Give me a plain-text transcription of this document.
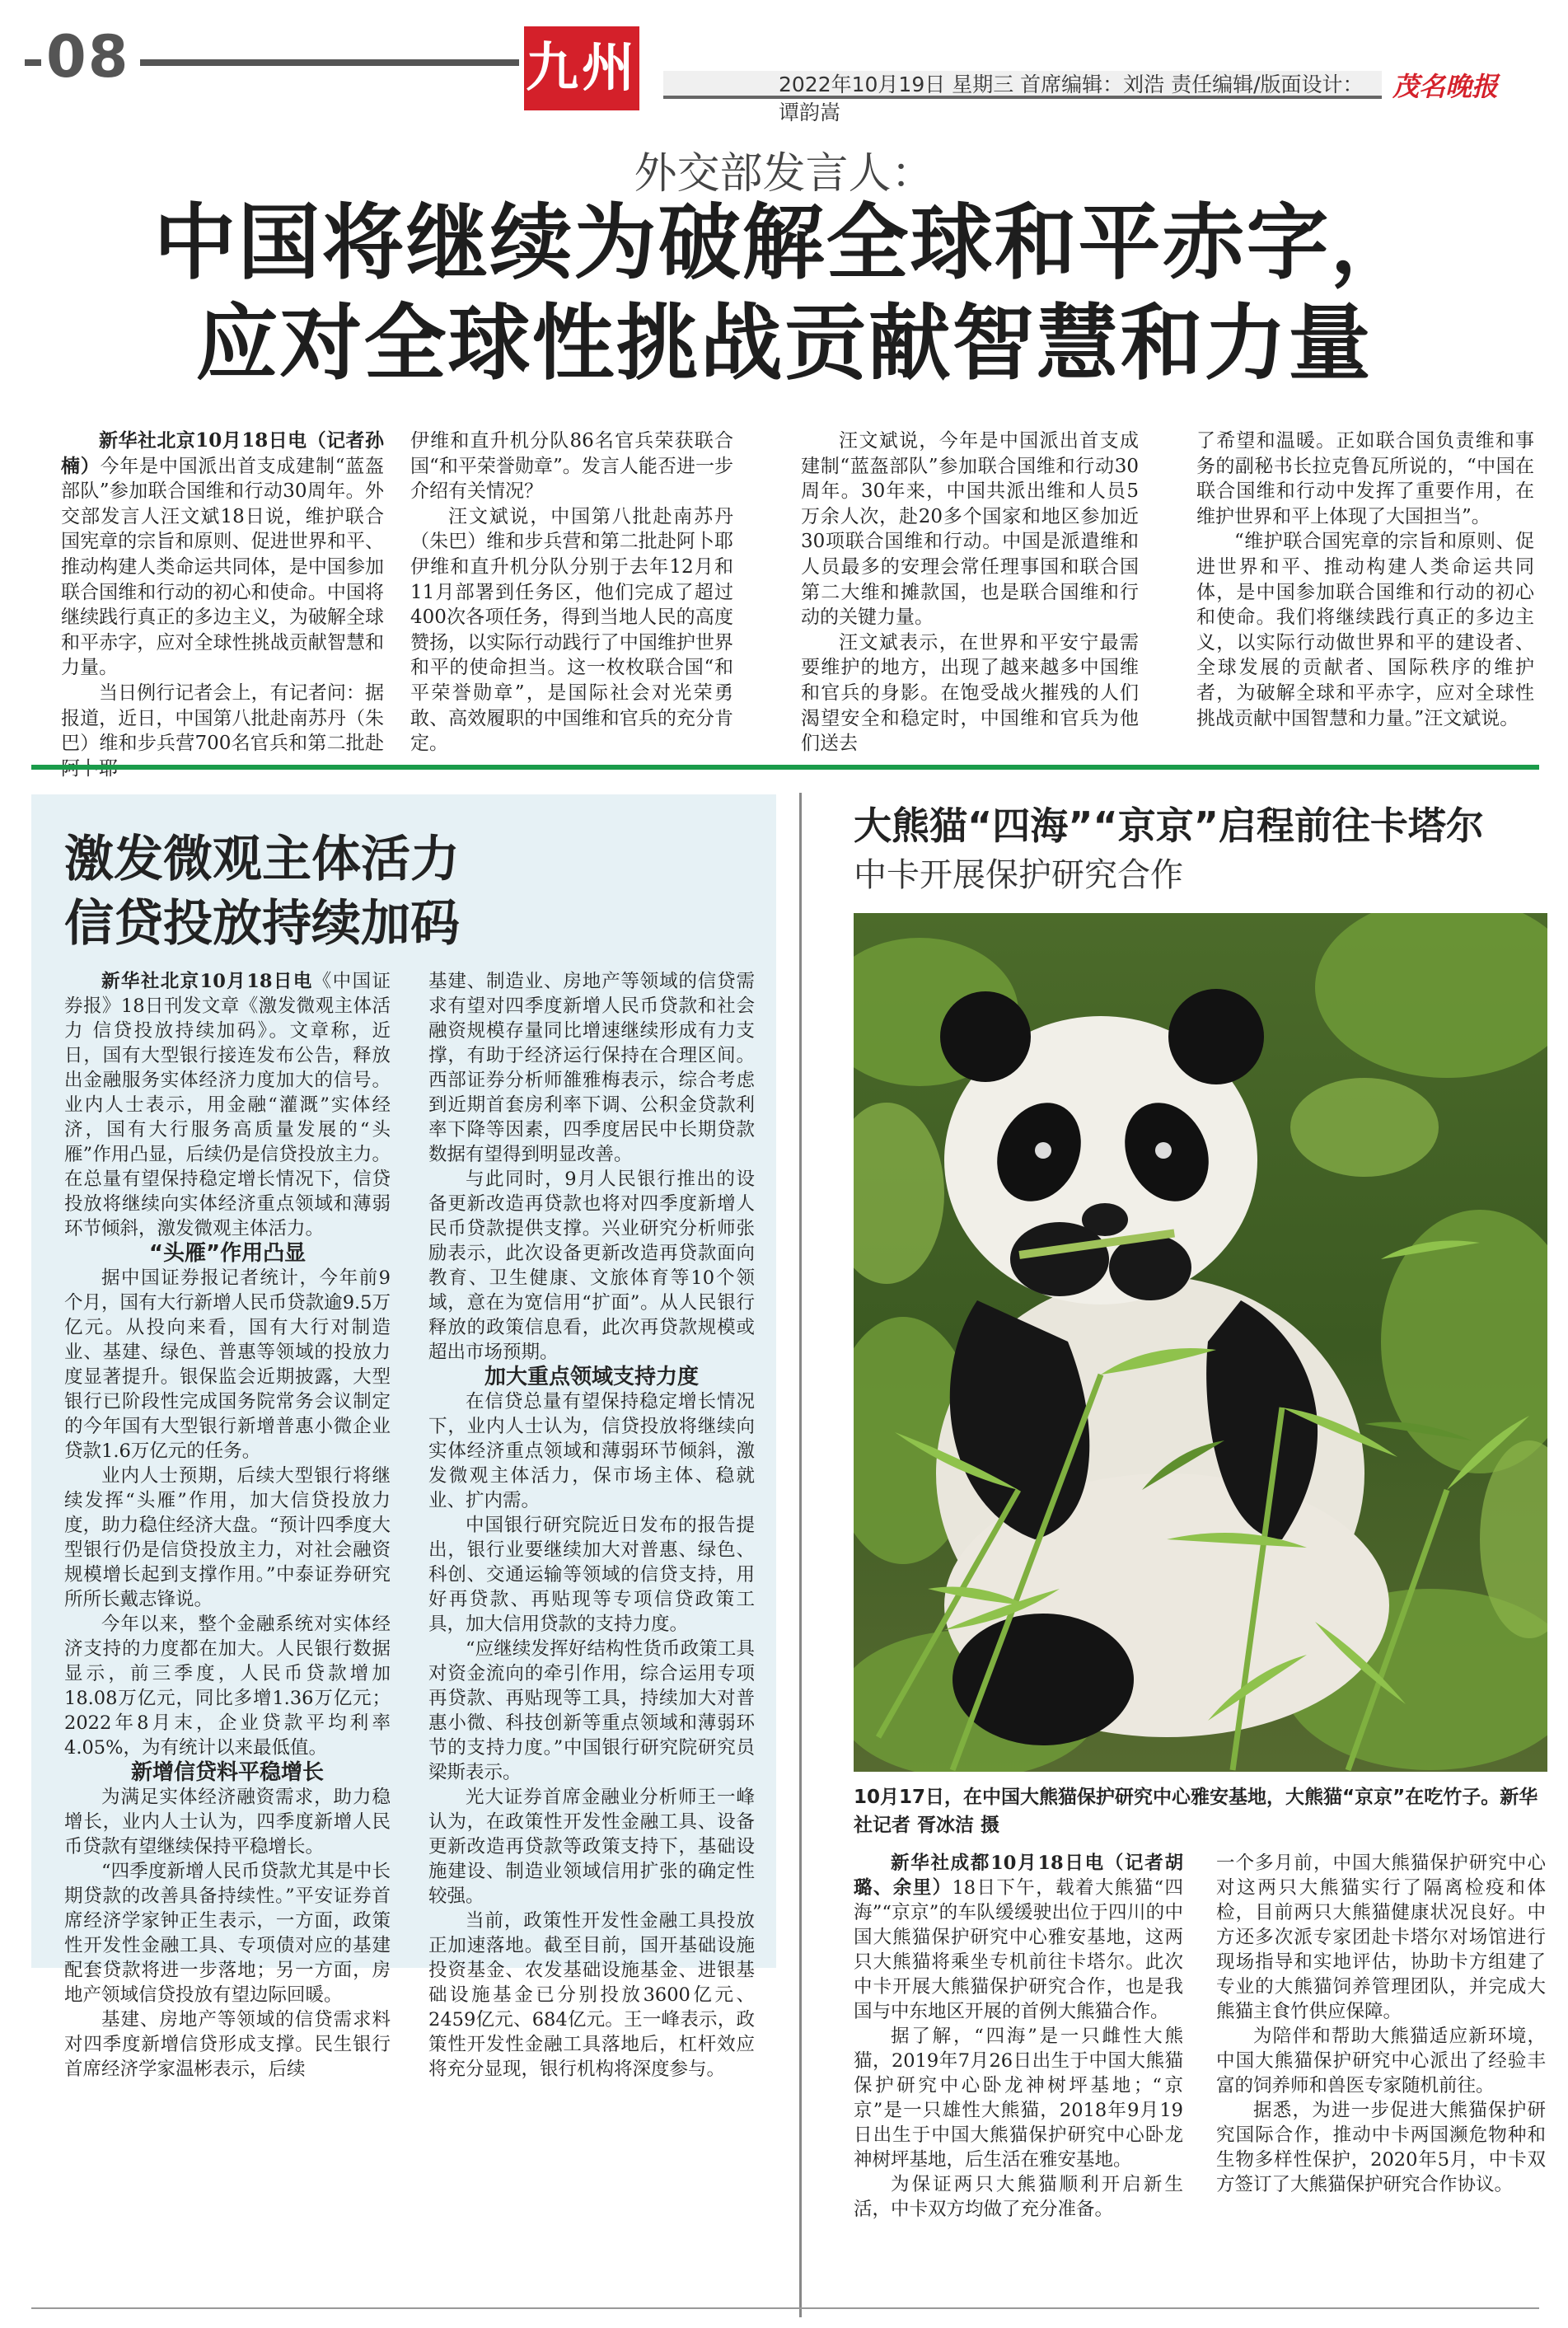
08	九州	2022年10月19日 星期三 首席编辑：刘浩 责任编辑/版面设计：谭韵嵩
茂名晚报
外交部发言人：
中国将继续为破解全球和平赤字，
应对全球性挑战贡献智慧和力量

新华社北京10月18日电（记者孙楠）今年是中国派出首支成建制“蓝盔部队”参加联合国维和行动30周年。外交部发言人汪文斌18日说，维护联合国宪章的宗旨和原则、促进世界和平、推动构建人类命运共同体，是中国参加联合国维和行动的初心和使命。中国将继续践行真正的多边主义，为破解全球和平赤字，应对全球性挑战贡献智慧和力量。

当日例行记者会上，有记者问：据报道，近日，中国第八批赴南苏丹（朱巴）维和步兵营700名官兵和第二批赴

伊维和直升机分队86名官兵荣获联合国“和平荣誉勋章”。发言人能否进一步介绍有关情况？

汪文斌说，中国第八批赴南苏丹（朱巴）维和步兵营和第二批赴阿卜耶伊维和直升机分队分别于去年12月和11月部署到任务区，他们完成了超过400次各项任务，得到当地人民的高度赞扬，以实际行动践行了中国维护世界和平的使命担当。这一枚枚联合国“和平荣誉勋章”，是国际社会对光荣勇敢、高效履职的中国维和官兵的充分肯定。

汪文斌说，今年是中国派出首支成建制“蓝盔部队”参加联合国维和行动30周年。30年来，中国共派出维和人员5万余人次，赴20多个国家和地区参加近30项联合国维和行动。中国是派遣维和人员最多的安理会常任理事国和联合国第二大维和摊款国，也是联合国维和行动的关键力量。

汪文斌表示，在世界和平安宁最需要维护的地方，出现了越来越多中国维和官兵的身影。在饱受战火摧残的人们渴望安全和稳定时，中国维和官兵为他们送去

了希望和温暖。正如联合国负责维和事务的副秘书长拉克鲁瓦所说的，“中国在联合国维和行动中发挥了重要作用，在维护世界和平上体现了大国担当”。

“维护联合国宪章的宗旨和原则、促进世界和平、推动构建人类命运共同体，是中国参加联合国维和行动的初心和使命。我们将继续践行真正的多边主义，以实际行动做世界和平的建设者、全球发展的贡献者、国际秩序的维护者，为破解全球和平赤字，应对全球性挑战贡献中国智慧和力量。”汪文斌说。

激发微观主体活力
信贷投放持续加码

新华社北京10月18日电《中国证券报》18日刊发文章《激发微观主体活力 信贷投放持续加码》。文章称，近日，国有大型银行接连发布公告，释放出金融服务实体经济力度加大的信号。业内人士表示，用金融“灌溉”实体经济，国有大行服务高质量发展的“头雁”作用凸显，后续仍是信贷投放主力。在总量有望保持稳定增长情况下，信贷投放将继续向实体经济重点领域和薄弱环节倾斜，激发微观主体活力。

“头雁”作用凸显

据中国证券报记者统计，今年前9个月，国有大行新增人民币贷款逾9.5万亿元。从投向来看，国有大行对制造业、基建、绿色、普惠等领域的投放力度显著提升。银保监会近期披露，大型银行已阶段性完成国务院常务会议制定的今年国有大型银行新增普惠小微企业贷款1.6万亿元的任务。

业内人士预期，后续大型银行将继续发挥“头雁”作用，加大信贷投放力度，助力稳住经济大盘。“预计四季度大型银行仍是信贷投放主力，对社会融资规模增长起到支撑作用。”中泰证券研究所所长戴志锋说。

今年以来，整个金融系统对实体经济支持的力度都在加大。人民银行数据显示，前三季度，人民币贷款增加18.08万亿元，同比多增1.36万亿元；2022年8月末，企业贷款平均利率4.05%，为有统计以来最低值。

新增信贷料平稳增长

为满足实体经济融资需求，助力稳增长，业内人士认为，四季度新增人民币贷款有望继续保持平稳增长。

“四季度新增人民币贷款尤其是中长期贷款的改善具备持续性。”平安证券首席经济学家钟正生表示，一方面，政策性开发性金融工具、专项债对应的基建配套贷款将进一步落地；另一方面，房地产领域信贷投放有望边际回暖。

基建、房地产等领域的信贷需求料对四季度新增信贷形成支撑。民生银行首席经济学家温彬表示，后续

基建、制造业、房地产等领域的信贷需求有望对四季度新增人民币贷款和社会融资规模存量同比增速继续形成有力支撑，有助于经济运行保持在合理区间。西部证券分析师雒雅梅表示，综合考虑到近期首套房利率下调、公积金贷款利率下降等因素，四季度居民中长期贷款数据有望得到明显改善。

与此同时，9月人民银行推出的设备更新改造再贷款也将对四季度新增人民币贷款提供支撑。兴业研究分析师张励表示，此次设备更新改造再贷款面向教育、卫生健康、文旅体育等10个领域，意在为宽信用“扩面”。从人民银行释放的政策信息看，此次再贷款规模或超出市场预期。

加大重点领域支持力度

在信贷总量有望保持稳定增长情况下，业内人士认为，信贷投放将继续向实体经济重点领域和薄弱环节倾斜，激发微观主体活力，保市场主体、稳就业、扩内需。

中国银行研究院近日发布的报告提出，银行业要继续加大对普惠、绿色、科创、交通运输等领域的信贷支持，用好再贷款、再贴现等专项信贷政策工具，加大信用贷款的支持力度。

“应继续发挥好结构性货币政策工具对资金流向的牵引作用，综合运用专项再贷款、再贴现等工具，持续加大对普惠小微、科技创新等重点领域和薄弱环节的支持力度。”中国银行研究院研究员梁斯表示。

光大证券首席金融业分析师王一峰认为，在政策性开发性金融工具、设备更新改造再贷款等政策支持下，基础设施建设、制造业领域信用扩张的确定性较强。

当前，政策性开发性金融工具投放正加速落地。截至目前，国开基础设施投资基金、农发基础设施基金、进银基础设施基金已分别投放3600亿元、2459亿元、684亿元。王一峰表示，政策性开发性金融工具落地后，杠杆效应将充分显现，银行机构将深度参与。

大熊猫“四海”“京京”启程前往卡塔尔
中卡开展保护研究合作
10月17日，在中国大熊猫保护研究中心雅安基地，大熊猫“京京”在吃竹子。新华社记者 胥冰洁 摄

新华社成都10月18日电（记者胡璐、余里）18日下午，载着大熊猫“四海”“京京”的车队缓缓驶出位于四川的中国大熊猫保护研究中心雅安基地，这两只大熊猫将乘坐专机前往卡塔尔。此次中卡开展大熊猫保护研究合作，也是我国与中东地区开展的首例大熊猫合作。

据了解，“四海”是一只雌性大熊猫，2019年7月26日出生于中国大熊猫保护研究中心卧龙神树坪基地；“京京”是一只雄性大熊猫，2018年9月19日出生于中国大熊猫保护研究中心卧龙神树坪基地，后生活在雅安基地。

为保证两只大熊猫顺利开启新生活，中卡双方均做了充分准备。

一个多月前，中国大熊猫保护研究中心对这两只大熊猫实行了隔离检疫和体检，目前两只大熊猫健康状况良好。中方还多次派专家团赴卡塔尔对场馆进行现场指导和实地评估，协助卡方组建了专业的大熊猫饲养管理团队，并完成大熊猫主食竹供应保障。

为陪伴和帮助大熊猫适应新环境，中国大熊猫保护研究中心派出了经验丰富的饲养师和兽医专家随机前往。

据悉，为进一步促进大熊猫保护研究国际合作，推动中卡两国濒危物种和生物多样性保护，2020年5月，中卡双方签订了大熊猫保护研究合作协议。
